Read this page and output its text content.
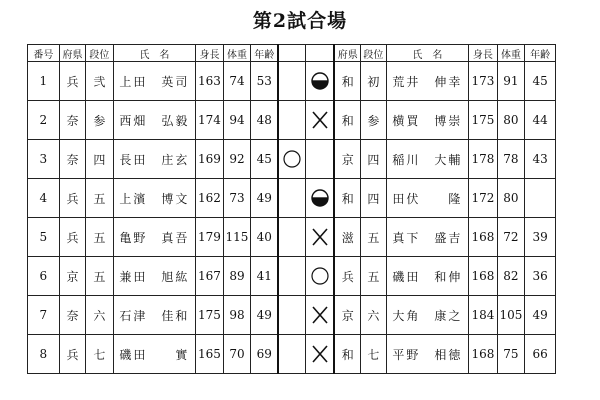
第2試合場
番号	府県	段位	氏　名	身長	体重	年齢			府県	段位	氏　名	身長	体重	年齢
1	兵	弐	上田　英司	163	74	53			和	初	荒井　伸幸	173	91	45
2	奈	参	西畑　弘毅	174	94	48			和	参	横買　博崇	175	80	44
3	奈	四	長田　庄玄	169	92	45			京	四	稲川　大輔	178	78	43
4	兵	五	上濱　博文	162	73	49			和	四	田伏　　隆	172	80	
5	兵	五	亀野　真吾	179	115	40			滋	五	真下　盛吉	168	72	39
6	京	五	兼田　旭紘	167	89	41			兵	五	磯田　和伸	168	82	36
7	奈	六	石津　佳和	175	98	49			京	六	大角　康之	184	105	49
8	兵	七	磯田　　實	165	70	69			和	七	平野　相徳	168	75	66
